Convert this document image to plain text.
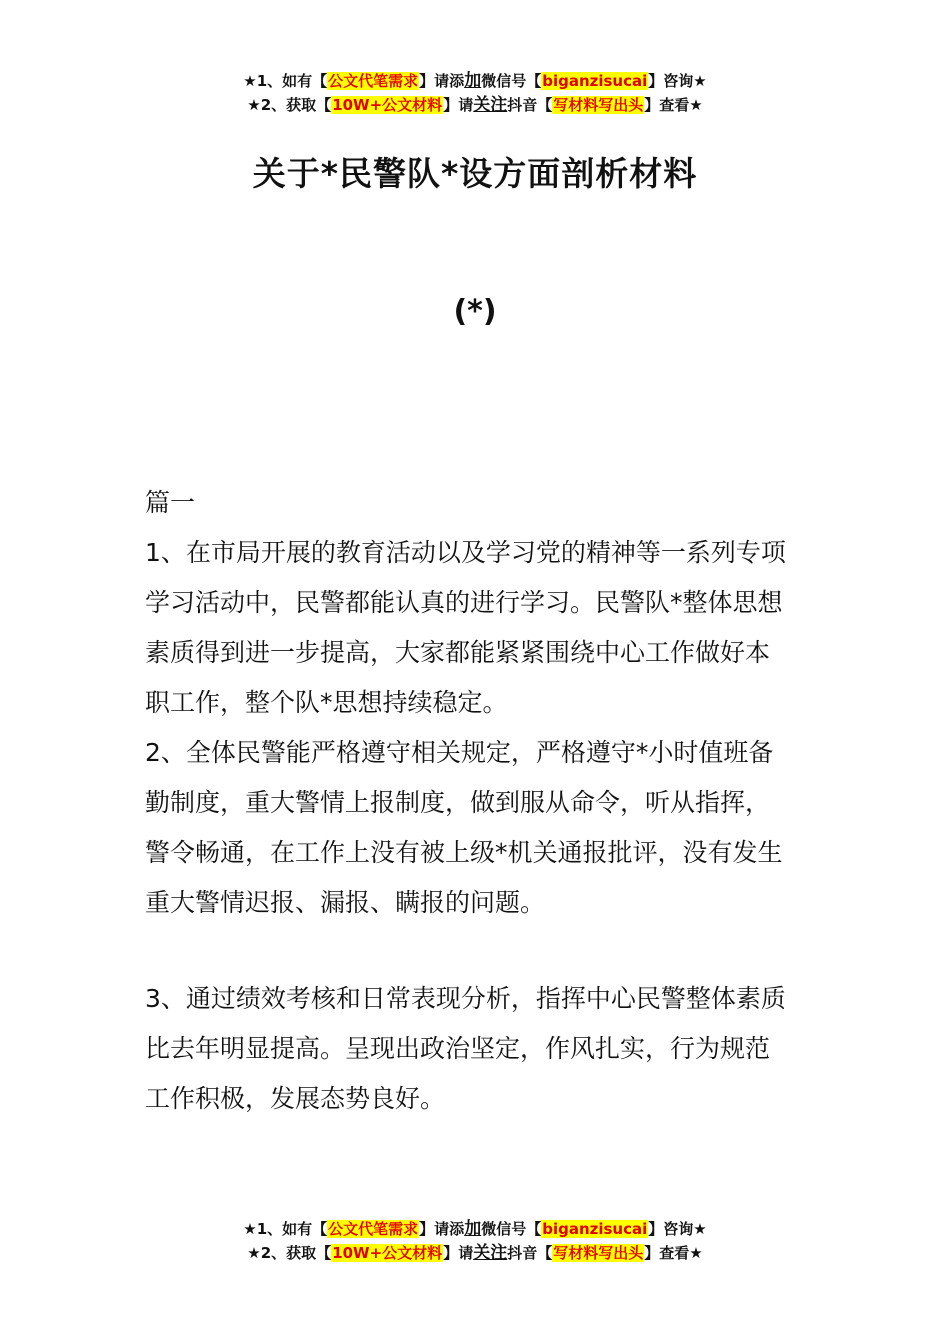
★1、如有【公文代笔需求】请添加微信号【biganzisucai】咨询★
★2、获取【10W+公文材料】请关注抖音【写材料写出头】查看★
关于*民警队*设方面剖析材料
(*)
篇一
1、在市局开展的教育活动以及学习党的精神等一系列专项
学习活动中，民警都能认真的进行学习。民警队*整体思想
素质得到进一步提高，大家都能紧紧围绕中心工作做好本
职工作，整个队*思想持续稳定。
2、全体民警能严格遵守相关规定，严格遵守*小时值班备
勤制度，重大警情上报制度，做到服从命令，听从指挥，
警令畅通，在工作上没有被上级*机关通报批评，没有发生
重大警情迟报、漏报、瞒报的问题。
3、通过绩效考核和日常表现分析，指挥中心民警整体素质
比去年明显提高。呈现出政治坚定，作风扎实，行为规范
工作积极，发展态势良好。
★1、如有【公文代笔需求】请添加微信号【biganzisucai】咨询★
★2、获取【10W+公文材料】请关注抖音【写材料写出头】查看★
